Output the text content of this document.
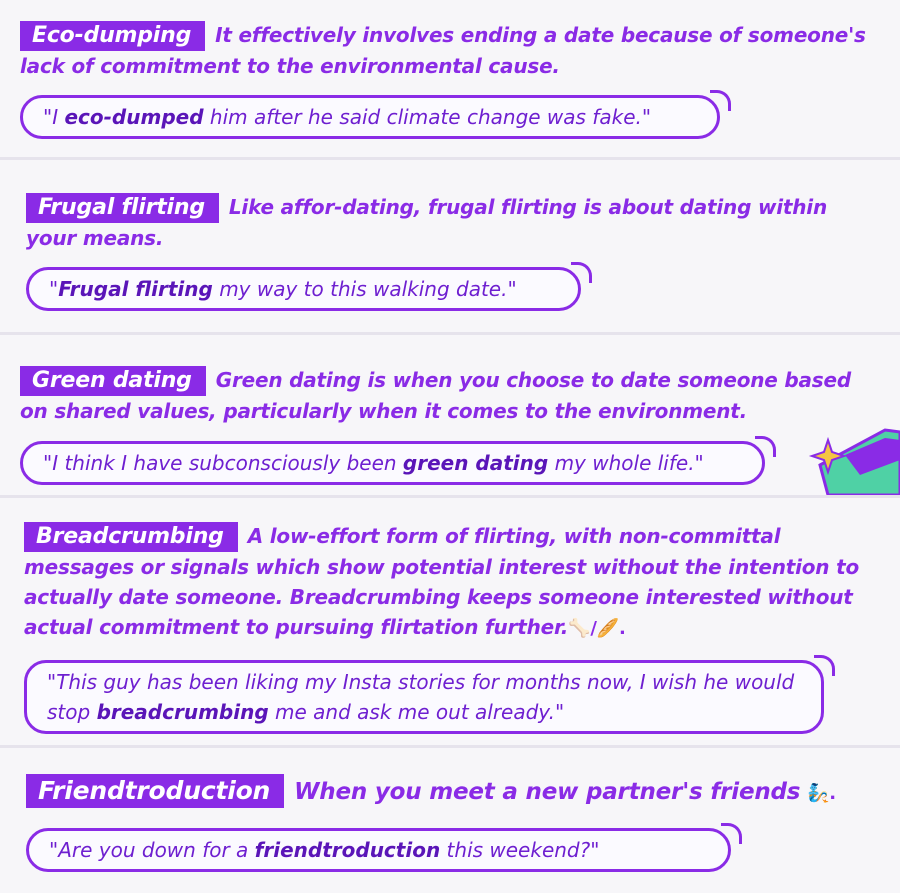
Eco-dumping It effectively involves ending a date because of someone's lack of commitment to the environmental cause.
"I eco-dumped him after he said climate change was fake."
Frugal flirting Like affor-dating, frugal flirting is about dating within your means.
"Frugal flirting my way to this walking date."
Green dating Green dating is when you choose to date someone based on shared values, particularly when it comes to the environment.
"I think I have subconsciously been green dating my whole life."
Breadcrumbing A low-effort form of flirting, with non-committal messages or signals which show potential interest without the intention to actually date someone. Breadcrumbing keeps someone interested without actual commitment to pursuing flirtation further.🦴/🥖.
"This guy has been liking my Insta stories for months now, I wish he would stop breadcrumbing me and ask me out already."
Friendtroduction When you meet a new partner's friends 🧞.
"Are you down for a friendtroduction this weekend?"
